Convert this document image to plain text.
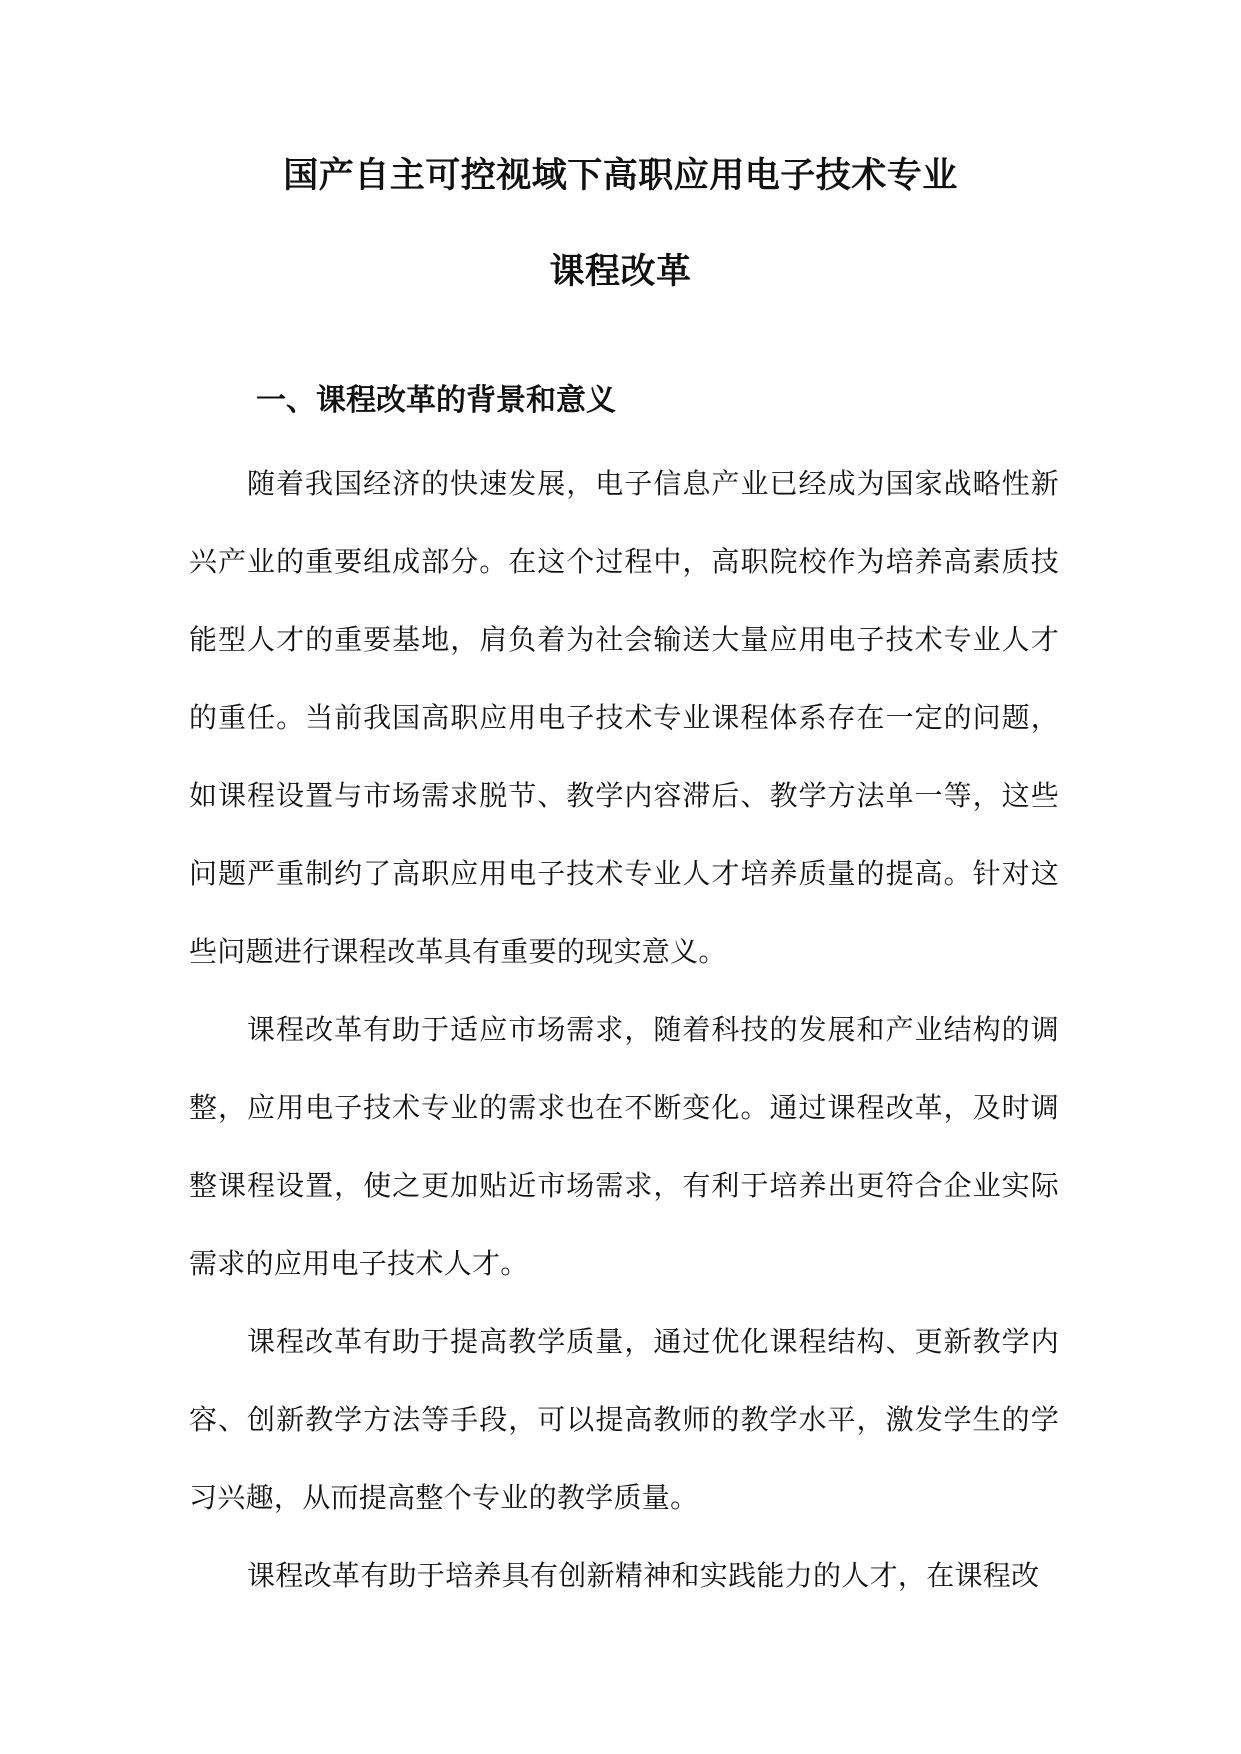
国产自主可控视域下高职应用电子技术专业
课程改革
一、课程改革的背景和意义

随着我国经济的快速发展，电子信息产业已经成为国家战略性新兴产业的重要组成部分。在这个过程中，高职院校作为培养高素质技能型人才的重要基地，肩负着为社会输送大量应用电子技术专业人才的重任。当前我国高职应用电子技术专业课程体系存在一定的问题，如课程设置与市场需求脱节、教学内容滞后、教学方法单一等，这些问题严重制约了高职应用电子技术专业人才培养质量的提高。针对这些问题进行课程改革具有重要的现实意义。

课程改革有助于适应市场需求，随着科技的发展和产业结构的调整，应用电子技术专业的需求也在不断变化。通过课程改革，及时调整课程设置，使之更加贴近市场需求，有利于培养出更符合企业实际需求的应用电子技术人才。

课程改革有助于提高教学质量，通过优化课程结构、更新教学内容、创新教学方法等手段，可以提高教师的教学水平，激发学生的学习兴趣，从而提高整个专业的教学质量。

课程改革有助于培养具有创新精神和实践能力的人才，在课程改
